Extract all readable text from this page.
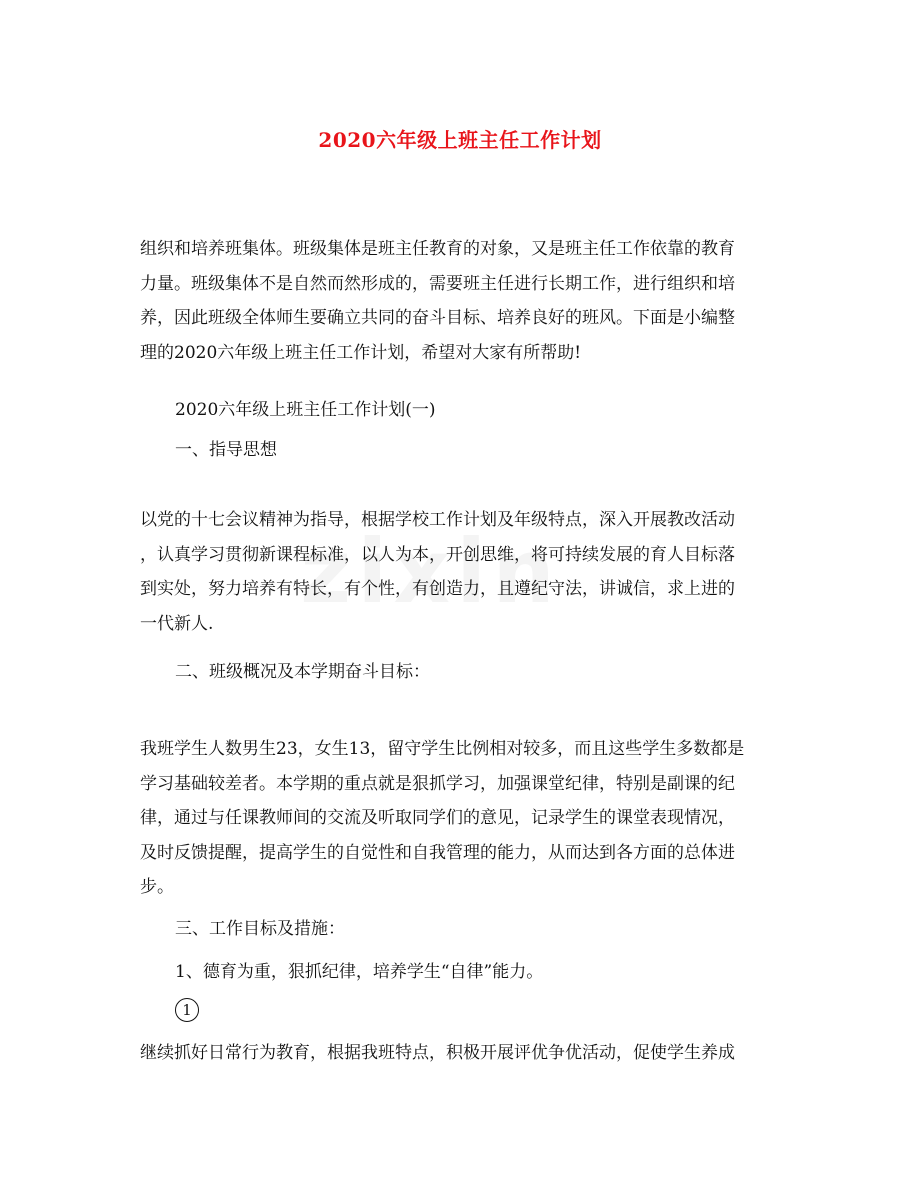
2020六年级上班主任工作计划
组织和培养班集体。班级集体是班主任教育的对象，又是班主任工作依靠的教育
力量。班级集体不是自然而然形成的，需要班主任进行长期工作，进行组织和培
养，因此班级全体师生要确立共同的奋斗目标、培养良好的班风。下面是小编整
理的2020六年级上班主任工作计划，希望对大家有所帮助!
2020六年级上班主任工作计划(一)
一、指导思想
以党的十七会议精神为指导，根据学校工作计划及年级特点，深入开展教改活动
，认真学习贯彻新课程标准，以人为本，开创思维，将可持续发展的育人目标落
到实处，努力培养有特长，有个性，有创造力，且遵纪守法，讲诚信，求上进的
一代新人.
二、班级概况及本学期奋斗目标：
我班学生人数男生23，女生13，留守学生比例相对较多，而且这些学生多数都是
学习基础较差者。本学期的重点就是狠抓学习，加强课堂纪律，特别是副课的纪
律，通过与任课教师间的交流及听取同学们的意见，记录学生的课堂表现情况，
及时反馈提醒，提高学生的自觉性和自我管理的能力，从而达到各方面的总体进
步。
三、工作目标及措施：
1、德育为重，狠抓纪律，培养学生“自律”能力。
1
继续抓好日常行为教育，根据我班特点，积极开展评优争优活动，促使学生养成
